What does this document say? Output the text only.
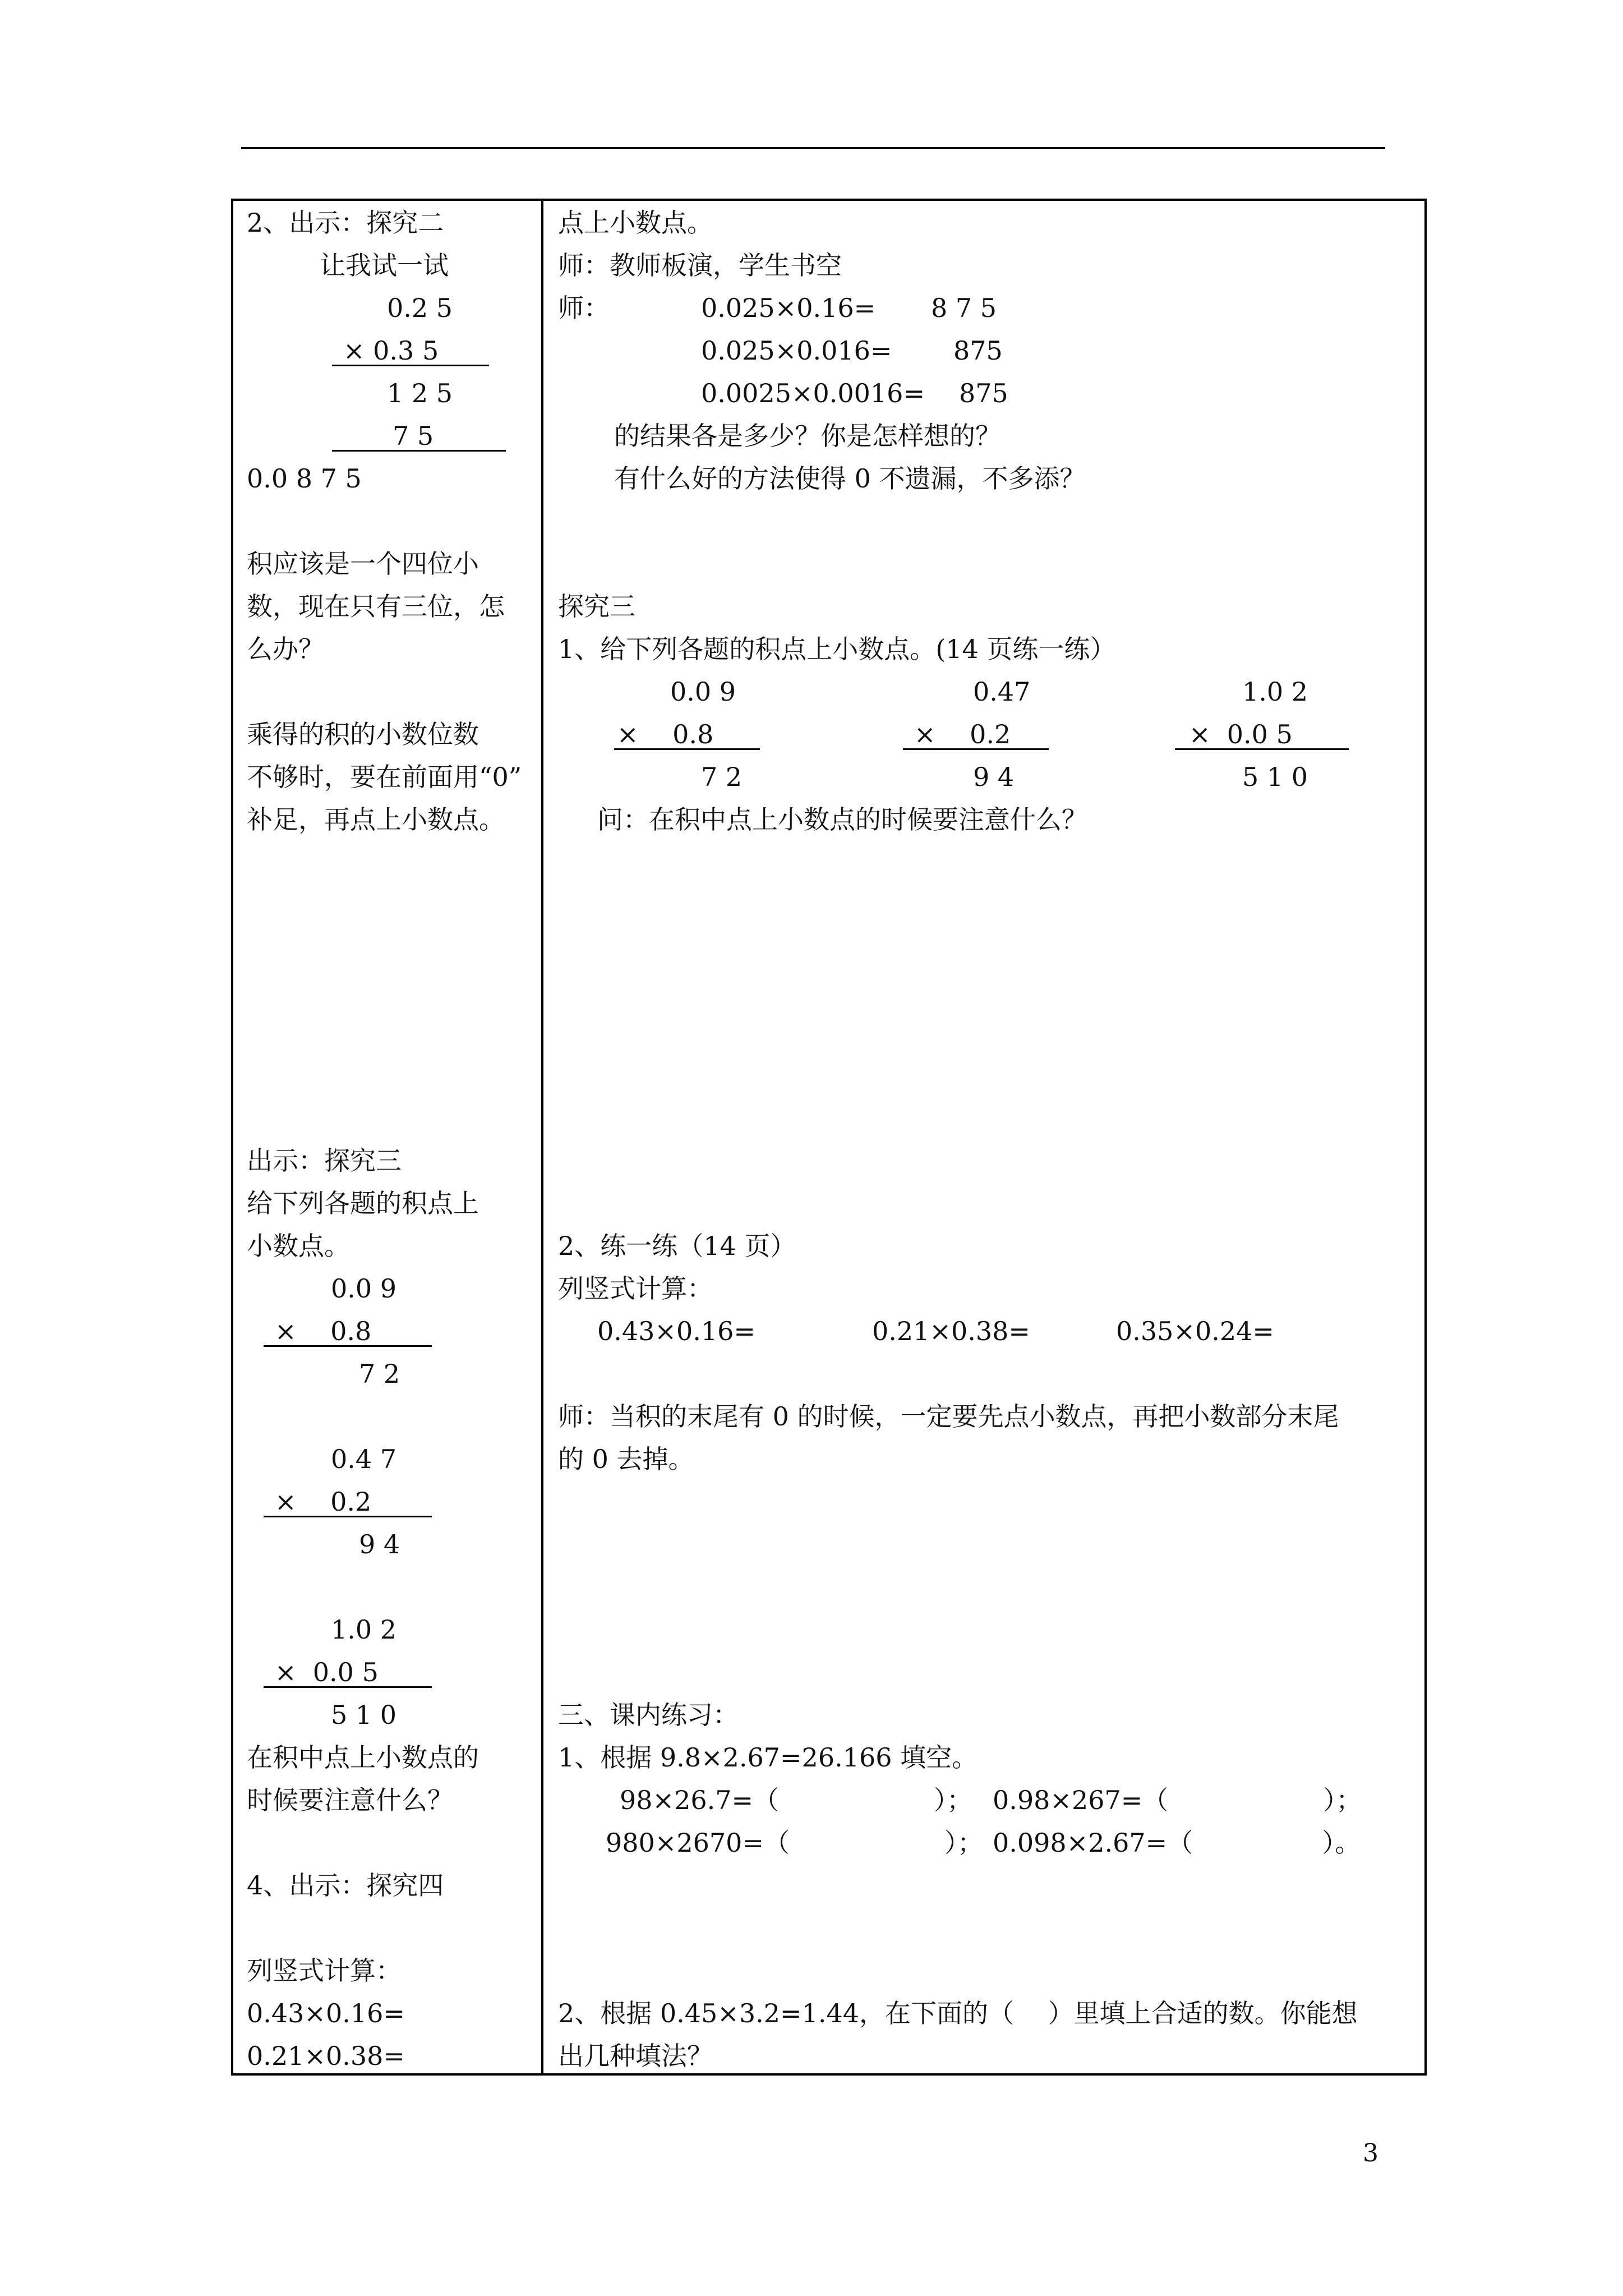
2、出示：探究二
让我试一试
0.2 5
× 0.3 5
1 2 5
7 5
0.0 8 7 5
积应该是一个四位小
数，现在只有三位，怎
么办？
乘得的积的小数位数
不够时，要在前面用“0”
补足，再点上小数点。
出示：探究三
给下列各题的积点上
小数点。
0.0 9
×　 0.8
7 2
0.4 7
×　 0.2
9 4
1.0 2
×  0.0 5
5 1 0
在积中点上小数点的
时候要注意什么？
4、出示：探究四
列竖式计算：
0.43×0.16=
0.21×0.38=
点上小数点。
师：教师板演，学生书空
师：	0.025×0.16= 8 7 5
0.025×0.016= 875
0.0025×0.0016= 875
的结果各是多少？你是怎样想的？
有什么好的方法使得 0 不遗漏，不多添？
探究三
1、给下列各题的积点上小数点。(14 页练一练）
0.0 9
×　 0.8
7 2
0.47
×　 0.2
9 4
1.0 2
×  0.0 5
5 1 0
问：在积中点上小数点的时候要注意什么？
2、练一练（14 页）
列竖式计算：
0.43×0.16=	0.21×0.38=	0.35×0.24=
师：当积的末尾有 0 的时候，一定要先点小数点，再把小数部分末尾
的 0 去掉。
三、课内练习：
1、根据 9.8×2.67=26.166 填空。
98×26.7=（　　　　　　）； 0.98×267=（　　　　　　）；
980×2670=（　　　　　　）； 0.098×2.67=（　　　　　）。
2、根据 0.45×3.2=1.44，在下面的（　 ）里填上合适的数。你能想
出几种填法？
3
